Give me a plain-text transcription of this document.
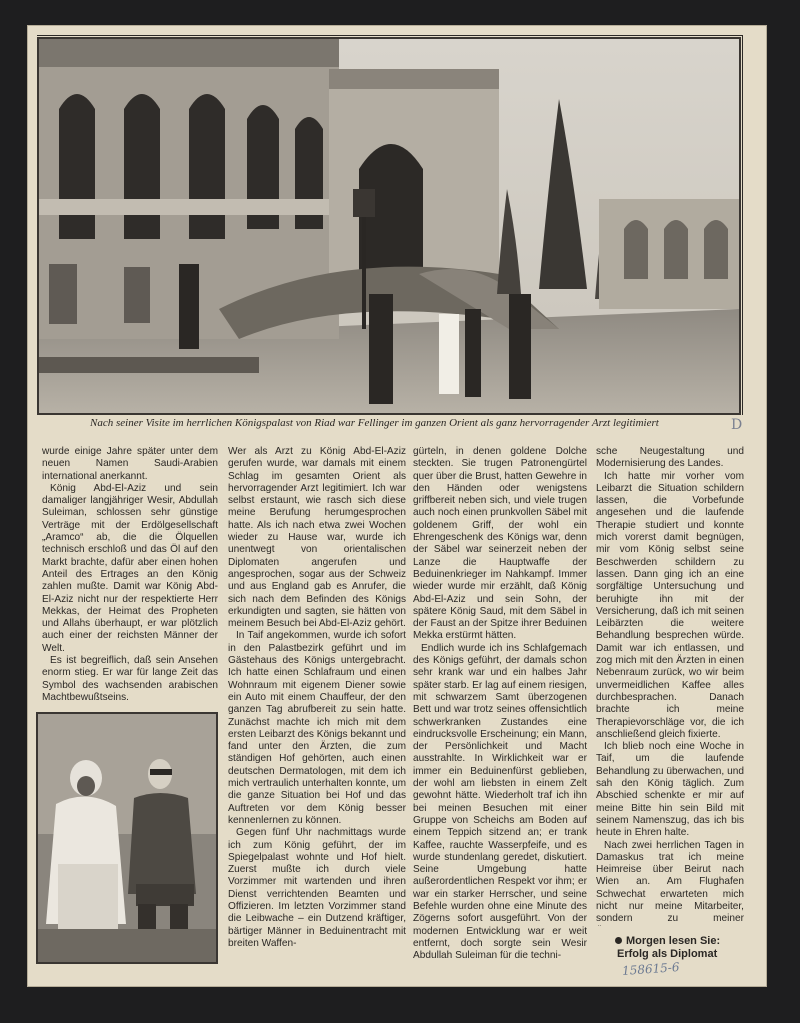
Nach seiner Visite im herrlichen Königspalast von Riad war Fellinger im ganzen Orient als ganz hervorragender Arzt legitimiert	D

wurde einige Jahre später unter dem neuen Namen Saudi-Arabien international anerkannt.

König Abd-El-Aziz und sein damaliger langjähriger Wesir, Abdullah Suleiman, schlossen sehr günstige Verträge mit der Erdölgesellschaft „Aramco“ ab, die die Ölquellen technisch erschloß und das Öl auf den Markt brachte, dafür aber einen hohen Anteil des Ertrages an den König zahlen mußte. Damit war König Abd-El-Aziz nicht nur der respektierte Herr Mekkas, der Heimat des Propheten und Allahs überhaupt, er war plötzlich auch einer der reichsten Männer der Welt.

Es ist begreiflich, daß sein Ansehen enorm stieg. Er war für lange Zeit das Symbol des wachsenden arabischen Machtbewußtseins.

Wer als Arzt zu König Abd-El-Aziz gerufen wurde, war damals mit einem Schlag im gesamten Orient als hervorragender Arzt legitimiert. Ich war selbst erstaunt, wie rasch sich diese meine Berufung herumgesprochen hatte. Als ich nach etwa zwei Wochen wieder zu Hause war, wurde ich unentwegt von orientalischen Diplomaten angerufen und angesprochen, sogar aus der Schweiz und aus England gab es Anrufer, die sich nach dem Befinden des Königs erkundigten und sagten, sie hätten von meinem Besuch bei Abd-El-Aziz gehört.

In Taif angekommen, wurde ich sofort in den Palastbezirk geführt und im Gästehaus des Königs untergebracht. Ich hatte einen Schlafraum und einen Wohnraum mit eigenem Diener sowie ein Auto mit einem Chauffeur, der den ganzen Tag abrufbereit zu sein hatte. Zunächst machte ich mich mit dem ersten Leibarzt des Königs bekannt und fand unter den Ärzten, die zum ständigen Hof gehörten, auch einen deutschen Dermatologen, mit dem ich mich vertraulich unterhalten konnte, um die ganze Situation bei Hof und das Auftreten vor dem König besser kennenlernen zu können.

Gegen fünf Uhr nachmittags wurde ich zum König geführt, der im Spiegelpalast wohnte und Hof hielt. Zuerst mußte ich durch viele Vorzimmer mit wartenden und ihren Dienst verrichtenden Beamten und Offizieren. Im letzten Vorzimmer stand die Leibwache – ein Dutzend kräftiger, bärtiger Männer in Beduinentracht mit breiten Waffen-

gürteln, in denen goldene Dolche steckten. Sie trugen Patronengürtel quer über die Brust, hatten Gewehre in den Händen oder wenigstens griffbereit neben sich, und viele trugen auch noch einen prunkvollen Säbel mit goldenem Griff, der wohl ein Ehrengeschenk des Königs war, denn der Säbel war seinerzeit neben der Lanze die Hauptwaffe der Beduinenkrieger im Nahkampf. Immer wieder wurde mir erzählt, daß König Abd-El-Aziz und sein Sohn, der spätere König Saud, mit dem Säbel in der Faust an der Spitze ihrer Beduinen Mekka erstürmt hätten.

Endlich wurde ich ins Schlafgemach des Königs geführt, der damals schon sehr krank war und ein halbes Jahr später starb. Er lag auf einem riesigen, mit schwarzem Samt überzogenen Bett und war trotz seines offensichtlich schwerkranken Zustandes eine eindrucksvolle Erscheinung; ein Mann, der Persönlichkeit und Macht ausstrahlte. In Wirklichkeit war er immer ein Beduinenfürst geblieben, der wohl am liebsten in einem Zelt gewohnt hätte. Wiederholt traf ich ihn bei meinen Besuchen mit einer Gruppe von Scheichs am Boden auf einem Teppich sitzend an; er trank Kaffee, rauchte Wasserpfeife, und es wurde stundenlang geredet, diskutiert. Seine Umgebung hatte außerordentlichen Respekt vor ihm; er war ein starker Herrscher, und seine Befehle wurden ohne eine Minute des Zögerns sofort ausgeführt. Von der modernen Entwicklung war er weit entfernt, doch sorgte sein Wesir Abdullah Suleiman für die techni-

sche Neugestaltung und Modernisierung des Landes.

Ich hatte mir vorher vom Leibarzt die Situation schildern lassen, die Vorbefunde angesehen und die laufende Therapie studiert und konnte mich vorerst damit begnügen, mir vom König selbst seine Beschwerden schildern zu lassen. Dann ging ich an eine sorgfältige Untersuchung und beruhigte ihn mit der Versicherung, daß ich mit seinen Leibärzten die weitere Behandlung besprechen würde. Damit war ich entlassen, und zog mich mit den Ärzten in einen Nebenraum zurück, wo wir beim unvermeidlichen Kaffee alles durchbesprachen. Danach brachte ich meine Therapievorschläge vor, die ich anschließend gleich fixierte.

Ich blieb noch eine Woche in Taif, um die laufende Behandlung zu überwachen, und sah den König täglich. Zum Abschied schenkte er mir auf meine Bitte hin sein Bild mit seinem Namenszug, das ich bis heute in Ehren halte.

Nach zwei herrlichen Tagen in Damaskus trat ich meine Heimreise über Beirut nach Wien an. Am Flughafen Schwechat erwarteten mich nicht nur meine Mitarbeiter, sondern zu meiner

Morgen lesen Sie:
Erfolg als Diplomat
158615-6
